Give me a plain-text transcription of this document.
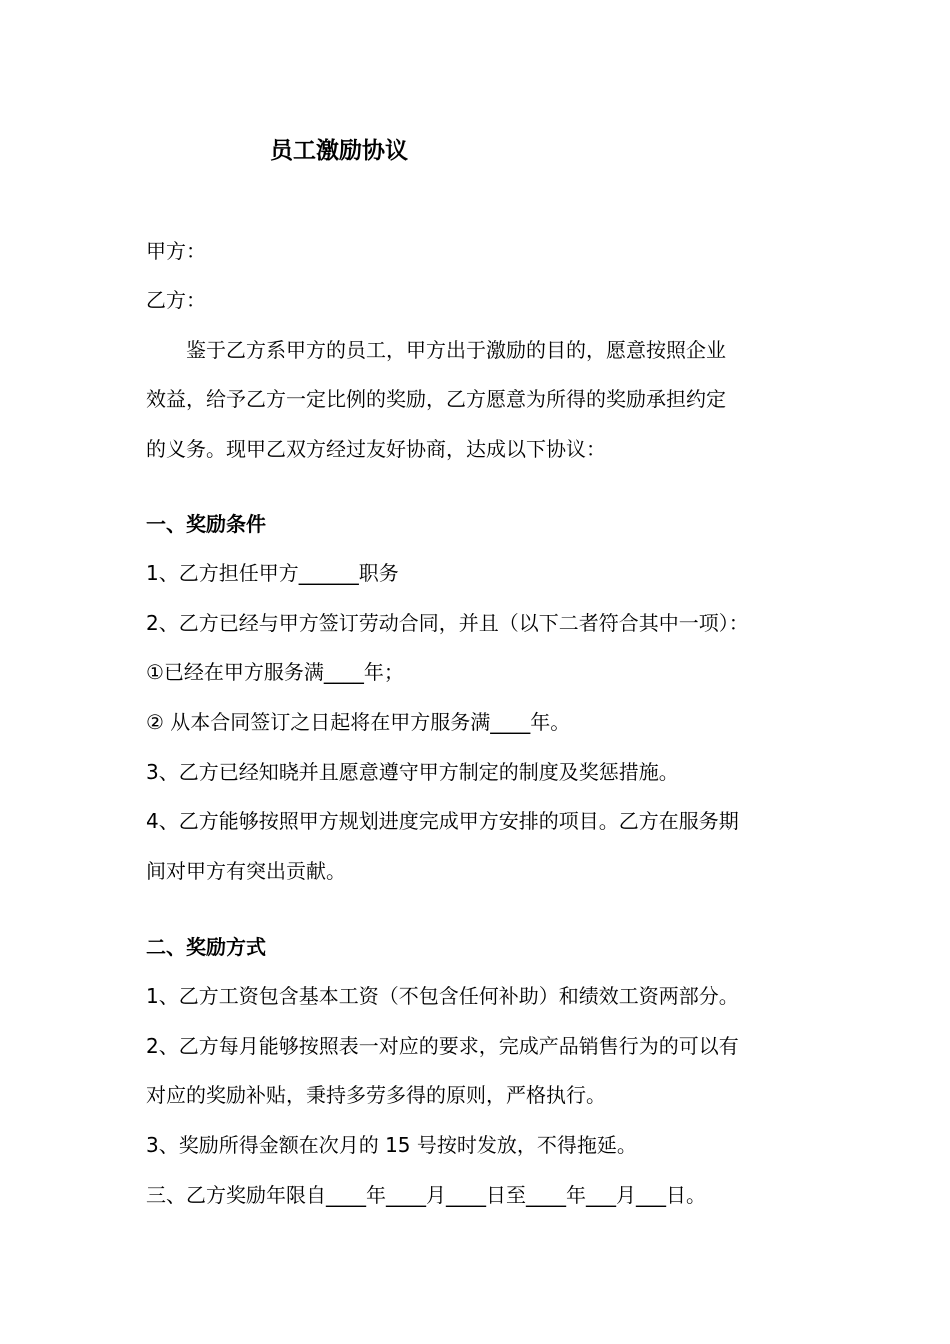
员工激励协议
甲方：
乙方：
鉴于乙方系甲方的员工，甲方出于激励的目的，愿意按照企业
效益，给予乙方一定比例的奖励，乙方愿意为所得的奖励承担约定
的义务。现甲乙双方经过友好协商，达成以下协议：
一、奖励条件
1、乙方担任甲方______职务
2、乙方已经与甲方签订劳动合同，并且（以下二者符合其中一项）：
①已经在甲方服务满____年；
② 从本合同签订之日起将在甲方服务满____年。
3、乙方已经知晓并且愿意遵守甲方制定的制度及奖惩措施。
4、乙方能够按照甲方规划进度完成甲方安排的项目。乙方在服务期
间对甲方有突出贡献。
二、奖励方式
1、乙方工资包含基本工资（不包含任何补助）和绩效工资两部分。
2、乙方每月能够按照表一对应的要求，完成产品销售行为的可以有
对应的奖励补贴，秉持多劳多得的原则，严格执行。
3、奖励所得金额在次月的 15 号按时发放，不得拖延。
三、乙方奖励年限自____年____月____日至____年___月___日。
